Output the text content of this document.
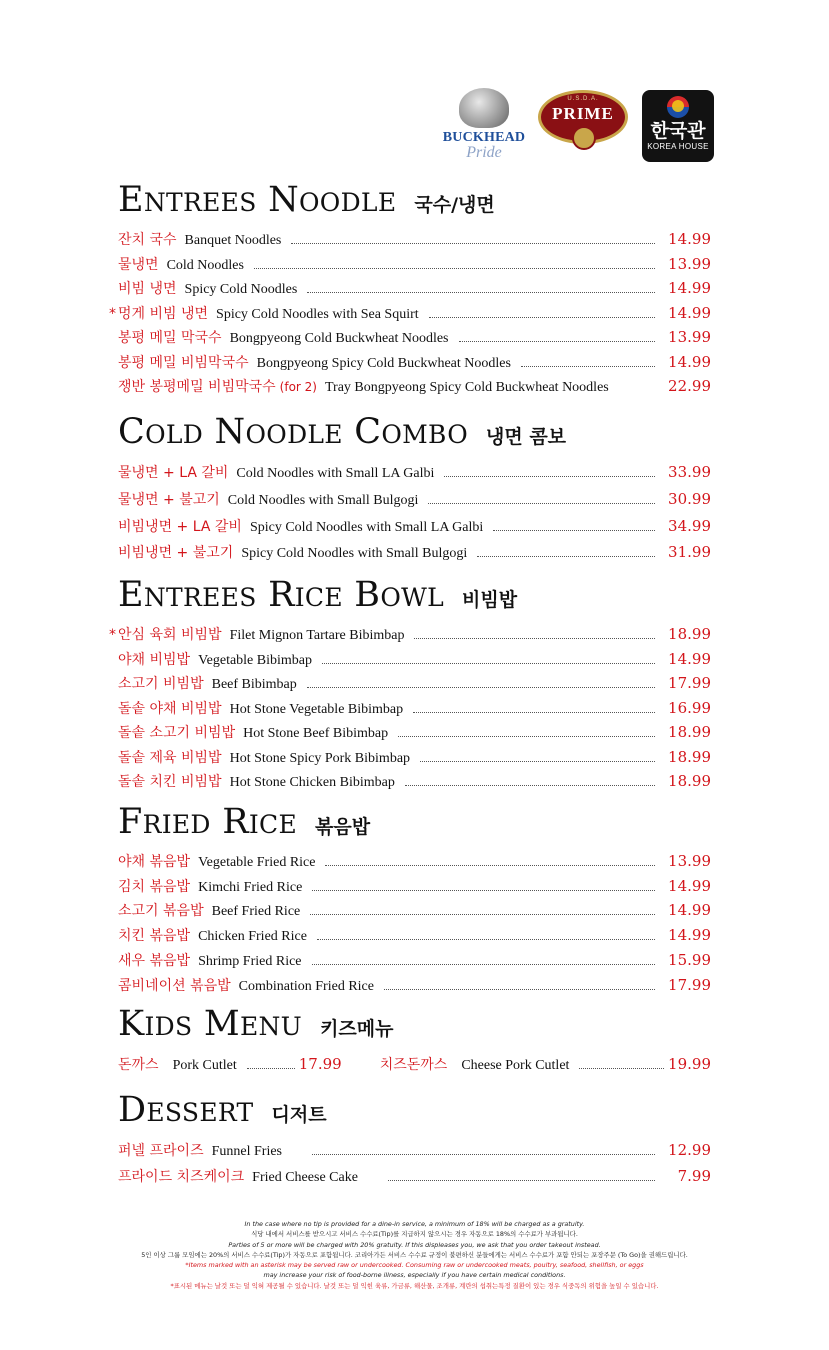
BUCKHEAD
Pride
U.S.D.A.
PRIME
한국관
KOREA HOUSE
Entrees Noodle 국수/냉면
잔치 국수 Banquet Noodles	14.99
물냉면 Cold Noodles	13.99
비빔 냉면 Spicy Cold Noodles	14.99
* 멍게 비빔 냉면 Spicy Cold Noodles with Sea Squirt	14.99
봉평 메밀 막국수 Bongpyeong Cold Buckwheat Noodles	13.99
봉평 메밀 비빔막국수 Bongpyeong Spicy Cold Buckwheat Noodles	14.99
쟁반 봉평메밀 비빔막국수 (for 2) Tray Bongpyeong Spicy Cold Buckwheat Noodles	22.99
Cold Noodle Combo 냉면 콤보
물냉면 + LA 갈비 Cold Noodles with Small LA Galbi	33.99
물냉면 + 불고기 Cold Noodles with Small Bulgogi	30.99
비빔냉면 + LA 갈비 Spicy Cold Noodles with Small LA Galbi	34.99
비빔냉면 + 불고기 Spicy Cold Noodles with Small Bulgogi	31.99
Entrees Rice Bowl 비빔밥
* 안심 육회 비빔밥 Filet Mignon Tartare Bibimbap	18.99
야채 비빔밥 Vegetable Bibimbap	14.99
소고기 비빔밥 Beef Bibimbap	17.99
돌솥 야채 비빔밥 Hot Stone Vegetable Bibimbap	16.99
돌솥 소고기 비빔밥 Hot Stone Beef Bibimbap	18.99
돌솥 제육 비빔밥 Hot Stone Spicy Pork Bibimbap	18.99
돌솥 치킨 비빔밥 Hot Stone Chicken Bibimbap	18.99
Fried Rice 볶음밥
야채 볶음밥 Vegetable Fried Rice	13.99
김치 볶음밥 Kimchi Fried Rice	14.99
소고기 볶음밥 Beef Fried Rice	14.99
치킨 볶음밥 Chicken Fried Rice	14.99
새우 볶음밥 Shrimp Fried Rice	15.99
콤비네이션 볶음밥 Combination Fried Rice	17.99
Kids Menu 키즈메뉴
돈까스 Pork Cutlet	17.99	치즈돈까스 Cheese Pork Cutlet	19.99
Dessert 디저트
퍼넬 프라이즈 Funnel Fries	12.99
프라이드 치즈케이크 Fried Cheese Cake	7.99
In the case where no tip is provided for a dine-in service, a minimum of 18% will be charged as a gratuity.
식당 내에서 서비스를 받으시고 서비스 수수료(Tip)를 지급하지 않으시는 경우 자동으로 18%의 수수료가 부과됩니다.
Parties of 5 or more will be charged with 20% gratuity. If this displeases you, we ask that you order takeout instead.
5인 이상 그룹 모임에는 20%의 서비스 수수료(Tip)가 자동으로 포함됩니다. 코리아가든 서비스 수수료 규정이 불편하신 분들에게는 서비스 수수료가 포함 안되는 포장주문 (To Go)을 권해드립니다.
*Items marked with an asterisk may be served raw or undercooked. Consuming raw or undercooked meats, poultry, seafood, shellfish, or eggs
may increase your risk of food-borne illness, especially if you have certain medical conditions.
*표시된 메뉴는 날것 또는 덜 익혀 제공될 수 있습니다. 날것 또는 덜 익힌 육류, 가금류, 해산물, 조개류, 계란의 섭취는특정 질환이 있는 경우 식중독의 위험을 높일 수 있습니다.
